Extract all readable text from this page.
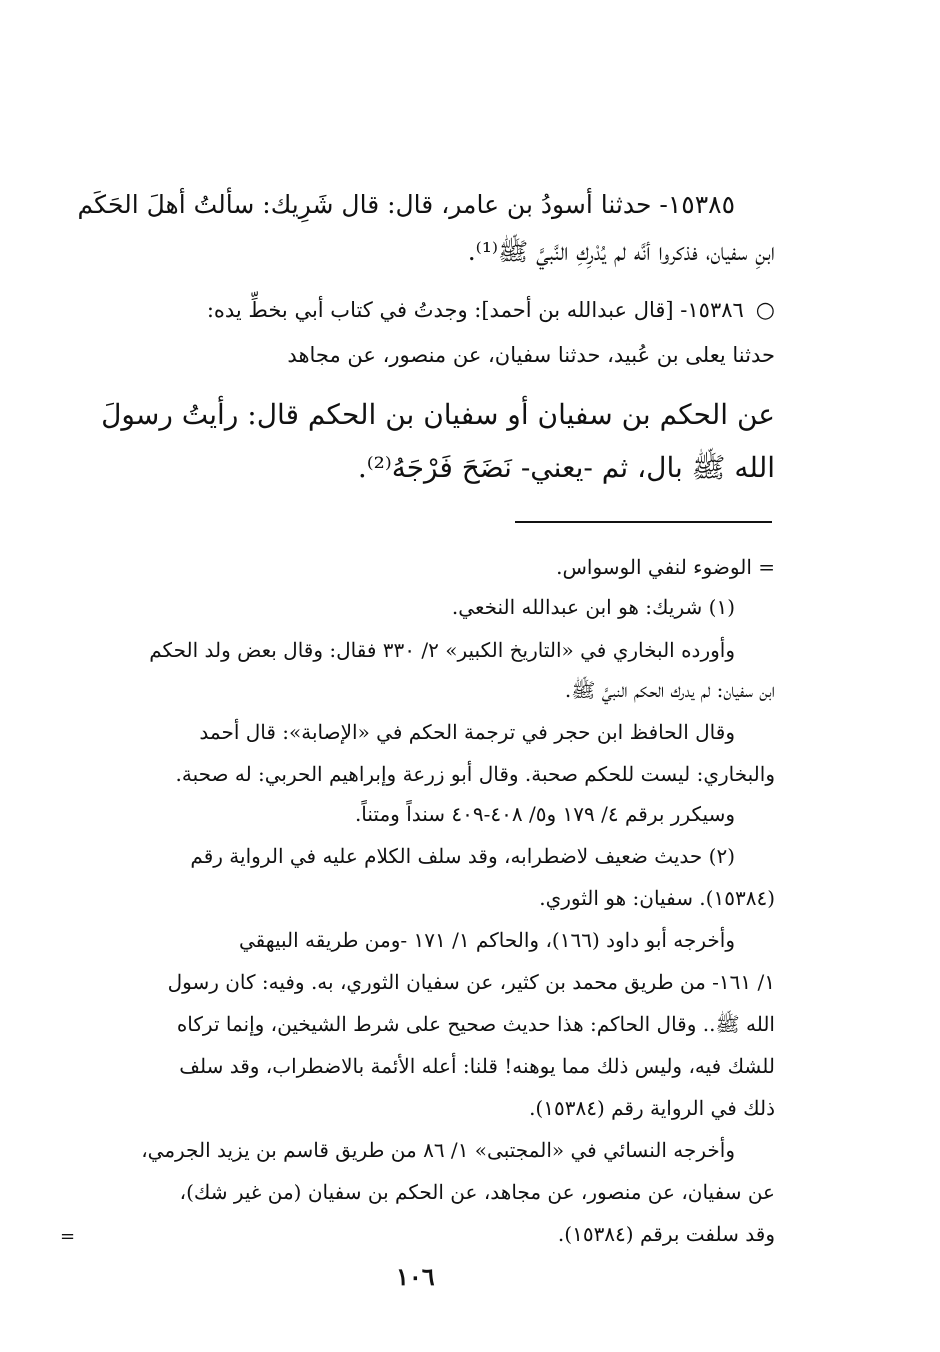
١٥٣٨٥- حدثنا أسودُ بن عامر، قال: قال شَرِيك: سألتُ أهلَ الحَكَم
ابنِ سفيان، فذكروا أنَّه لم يُدْرِكِ النَّبيَّ ﷺ⁽¹⁾.
○١٥٣٨٦- [قال عبدالله بن أحمد]: وجدتُ في كتاب أبي بخطِّ يده:
حدثنا يعلى بن عُبيد، حدثنا سفيان، عن منصور، عن مجاهد
عن الحكم بن سفيان أو سفيان بن الحكم قال: رأيتُ رسولَ
الله ﷺ بال، ثم -يعني- نَضَحَ فَرْجَهُ⁽²⁾.
= الوضوء لنفي الوسواس.
(١) شريك: هو ابن عبدالله النخعي.
وأورده البخاري في «التاريخ الكبير» ٢/ ٣٣٠ فقال: وقال بعض ولد الحكم
ابن سفيان: لم يدرك الحكم النبيَّ ﷺ.
وقال الحافظ ابن حجر في ترجمة الحكم في «الإصابة»: قال أحمد
والبخاري: ليست للحكم صحبة. وقال أبو زرعة وإبراهيم الحربي: له صحبة.
وسيكرر برقم ٤/ ١٧٩ و٥/ ٤٠٨-٤٠٩ سنداً ومتناً.
(٢) حديث ضعيف لاضطرابه، وقد سلف الكلام عليه في الرواية رقم
(١٥٣٨٤). سفيان: هو الثوري.
وأخرجه أبو داود (١٦٦)، والحاكم ١/ ١٧١ -ومن طريقه البيهقي
١/ ١٦١- من طريق محمد بن كثير، عن سفيان الثوري، به. وفيه: كان رسول
الله ﷺ.. وقال الحاكم: هذا حديث صحيح على شرط الشيخين، وإنما تركاه
للشك فيه، وليس ذلك مما يوهنه! قلنا: أعله الأئمة بالاضطراب، وقد سلف
ذلك في الرواية رقم (١٥٣٨٤).
وأخرجه النسائي في «المجتبى» ١/ ٨٦ من طريق قاسم بن يزيد الجرمي،
عن سفيان، عن منصور، عن مجاهد، عن الحكم بن سفيان (من غير شك)،
وقد سلفت برقم (١٥٣٨٤).
=
١٠٦
